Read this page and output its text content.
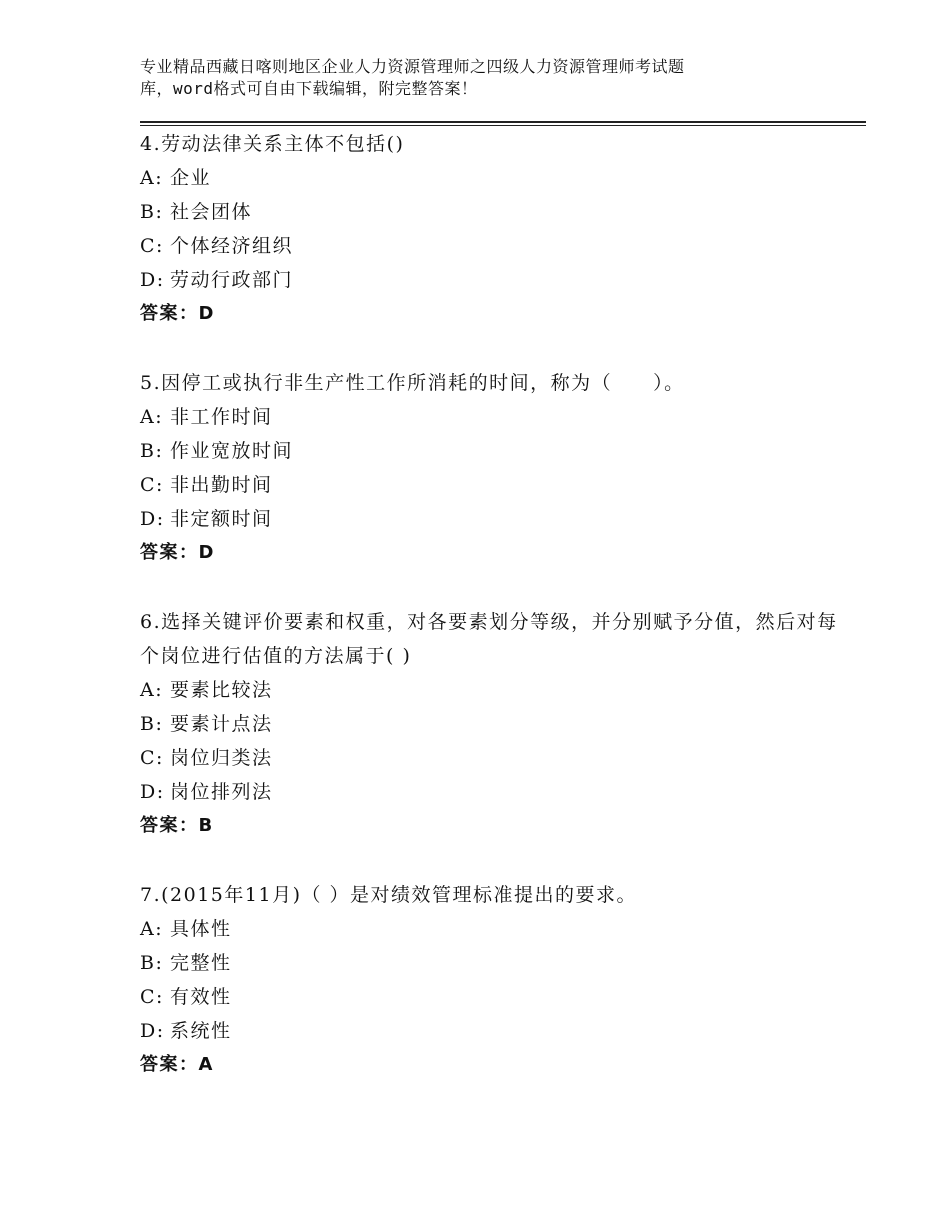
专业精品西藏日喀则地区企业人力资源管理师之四级人力资源管理师考试题
库，word格式可自由下载编辑，附完整答案！
4.劳动法律关系主体不包括()
A: 企业
B: 社会团体
C: 个体经济组织
D: 劳动行政部门
答案：D
5.因停工或执行非生产性工作所消耗的时间，称为（　　）。
A: 非工作时间
B: 作业宽放时间
C: 非出勤时间
D: 非定额时间
答案：D
6.选择关键评价要素和权重，对各要素划分等级，并分别赋予分值，然后对每个岗位进行估值的方法属于( )
A: 要素比较法
B: 要素计点法
C: 岗位归类法
D: 岗位排列法
答案：B
7.(2015年11月)（ ）是对绩效管理标准提出的要求。
A: 具体性
B: 完整性
C: 有效性
D: 系统性
答案：A
